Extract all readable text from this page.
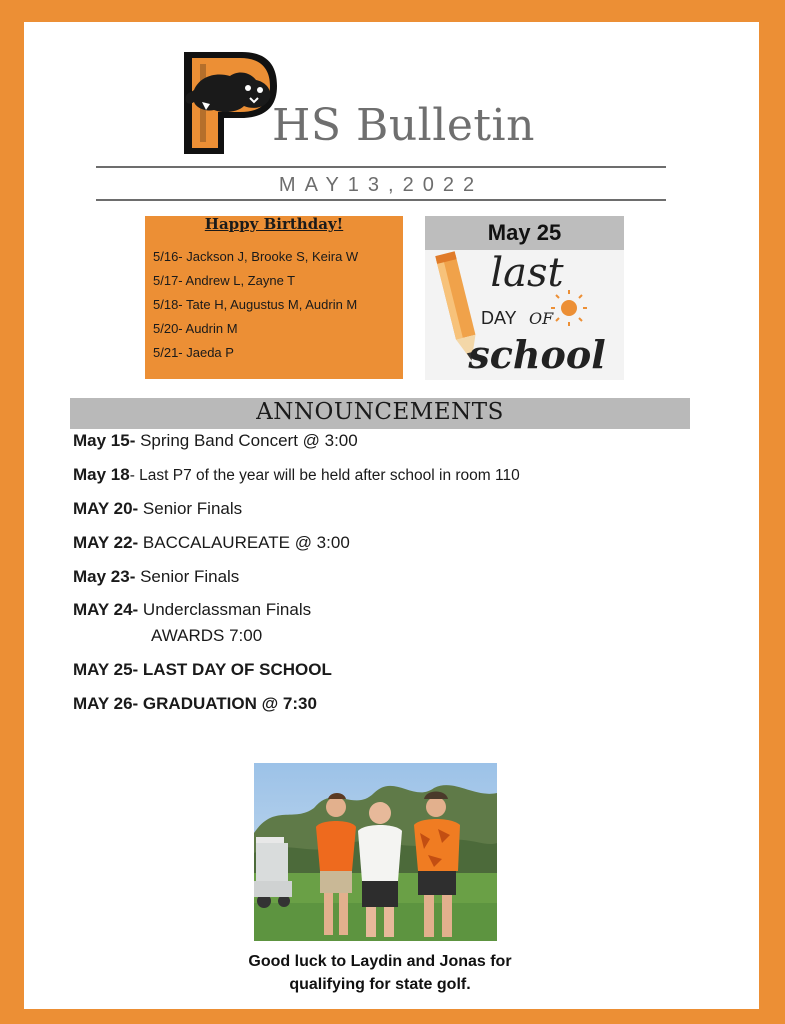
HS Bulletin
MAY13,2022
Happy Birthday!
5/16- Jackson J, Brooke S, Keira W
5/17- Andrew L, Zayne T
5/18- Tate H, Augustus M, Audrin M
5/20- Audrin M
5/21- Jaeda P
May 25
last
DAY OF
school
ANNOUNCEMENTS
May 15- Spring Band Concert @ 3:00
May 18- Last P7 of the year will be held after school in room 110
MAY 20- Senior Finals
MAY 22- BACCALAUREATE @ 3:00
May 23- Senior Finals
MAY 24- Underclassman Finals
AWARDS 7:00
MAY 25- LAST DAY OF SCHOOL
MAY 26- GRADUATION @ 7:30
Good luck to Laydin and Jonas for
qualifying for state golf.
